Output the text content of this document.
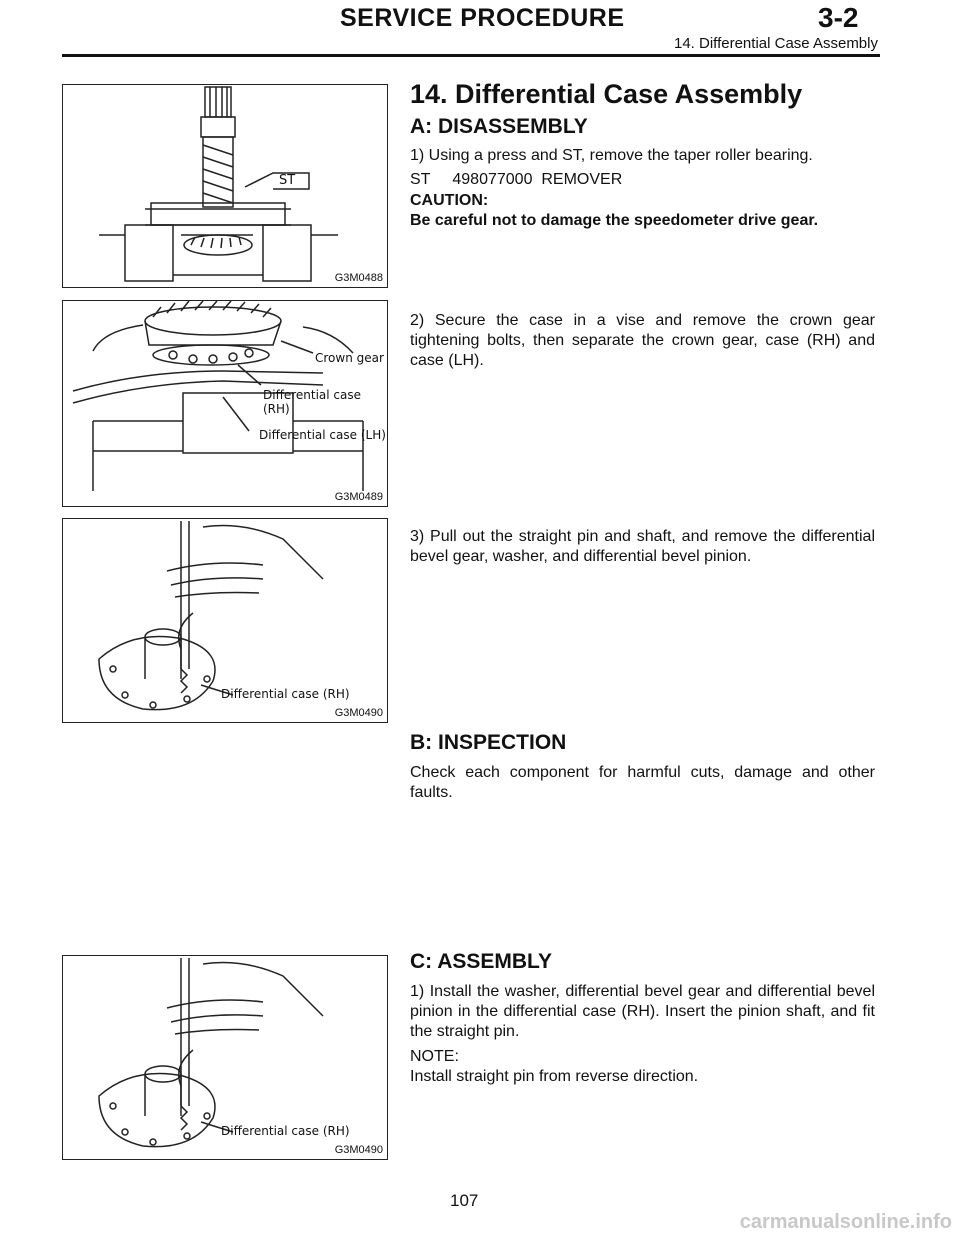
SERVICE PROCEDURE	3-2
14. Differential Case Assembly
ST
G3M0488
Crown gear
Differential case (RH)
Differential case (LH)
G3M0489
Differential case (RH)
G3M0490
Differential case (RH)
G3M0490
14. Differential Case Assembly
A: DISASSEMBLY
1) Using a press and ST, remove the taper roller bearing.
ST     498077000  REMOVER
CAUTION:
Be careful not to damage the speedometer drive gear.
2) Secure the case in a vise and remove the crown gear tightening bolts, then separate the crown gear, case (RH) and case (LH).
3) Pull out the straight pin and shaft, and remove the differential bevel gear, washer, and differential bevel pinion.
B: INSPECTION
Check each component for harmful cuts, damage and other faults.
C: ASSEMBLY
1) Install the washer, differential bevel gear and differential bevel pinion in the differential case (RH). Insert the pinion shaft, and fit the straight pin.
NOTE:
Install straight pin from reverse direction.
107
carmanualsonline.info
